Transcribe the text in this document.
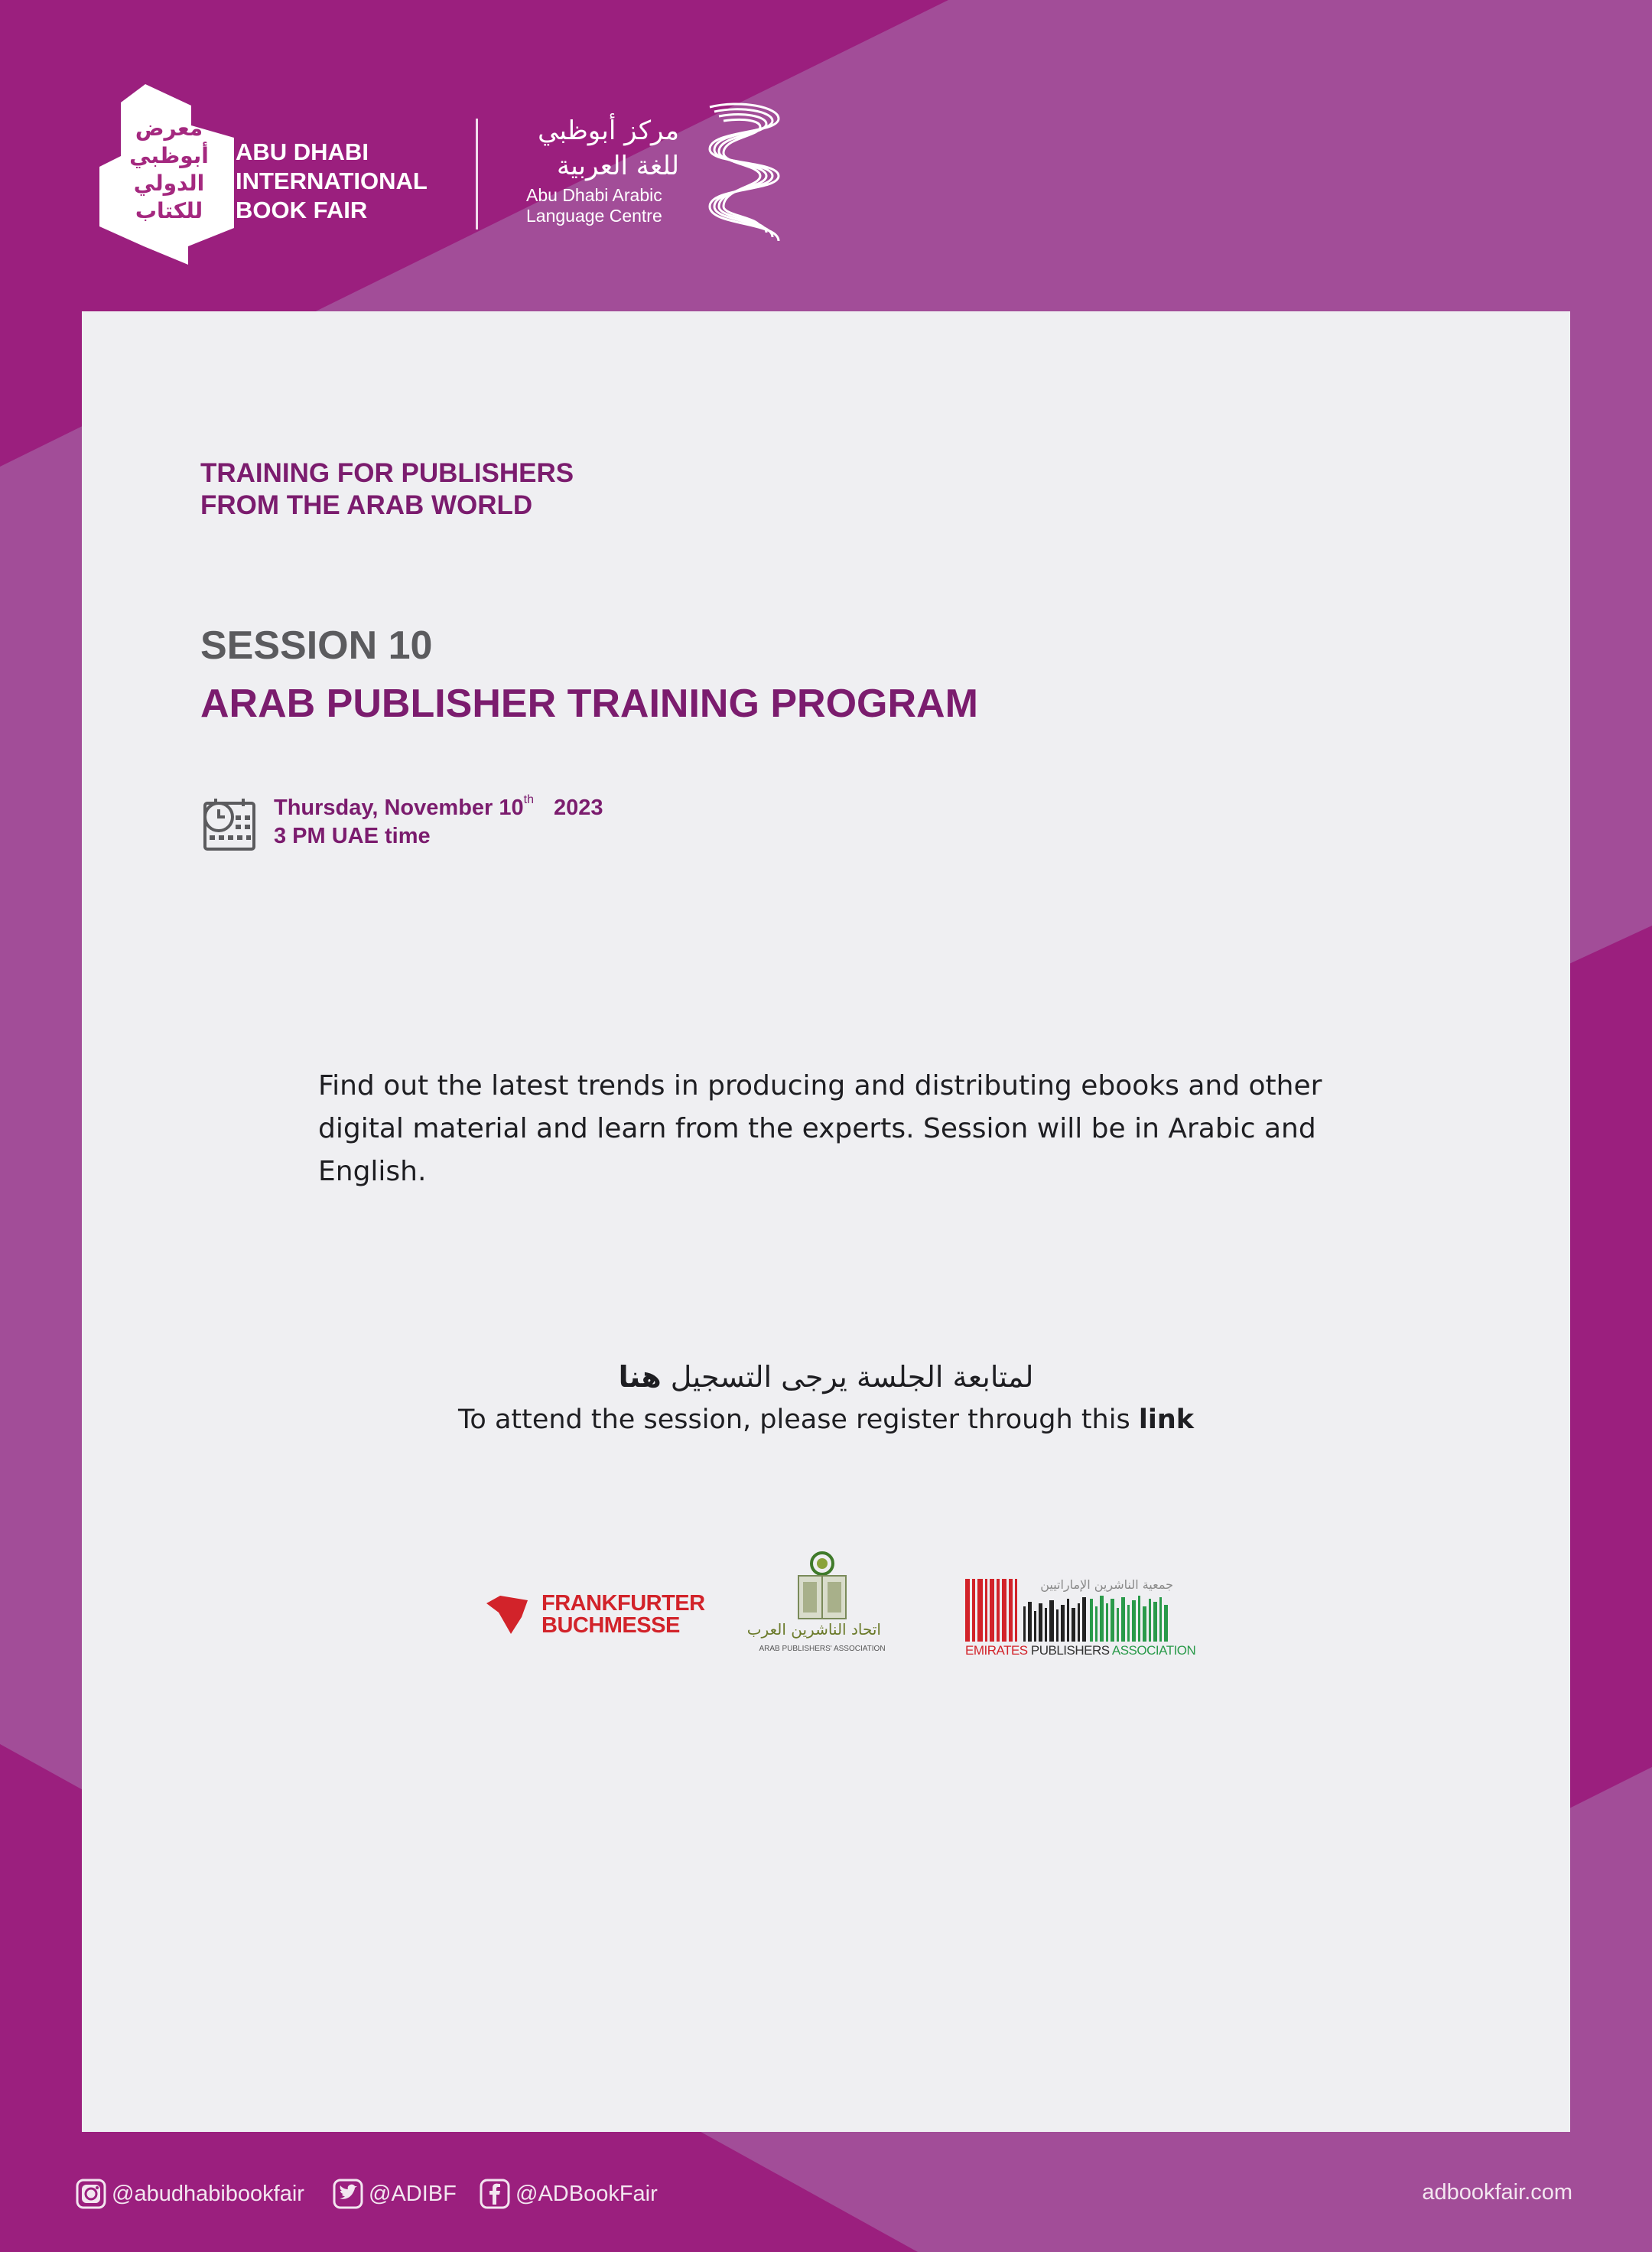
معرض
أبوظبي
الدولي
للكتاب
ABU DHABI
INTERNATIONAL
BOOK FAIR
مركز أبوظبي
للغة العربية
Abu Dhabi Arabic
Language Centre
TRAINING FOR PUBLISHERS
FROM THE ARAB WORLD
SESSION 10
ARAB PUBLISHER TRAINING PROGRAM
Thursday, November 10th 2023
3 PM UAE time
Find out the latest trends in producing and distributing ebooks and other digital material and learn from the experts. Session will be in Arabic and English.
لمتابعة الجلسة يرجى التسجيل هنا
To attend the session, please register through this link
FRANKFURTER
BUCHMESSE	اتحاد الناشرين العرب
ARAB PUBLISHERS' ASSOCIATION
جمعية الناشرين الإماراتيين
EMIRATES PUBLISHERS ASSOCIATION
@abudhabibookfair	@ADIBF	@ADBookFair	adbookfair.com
